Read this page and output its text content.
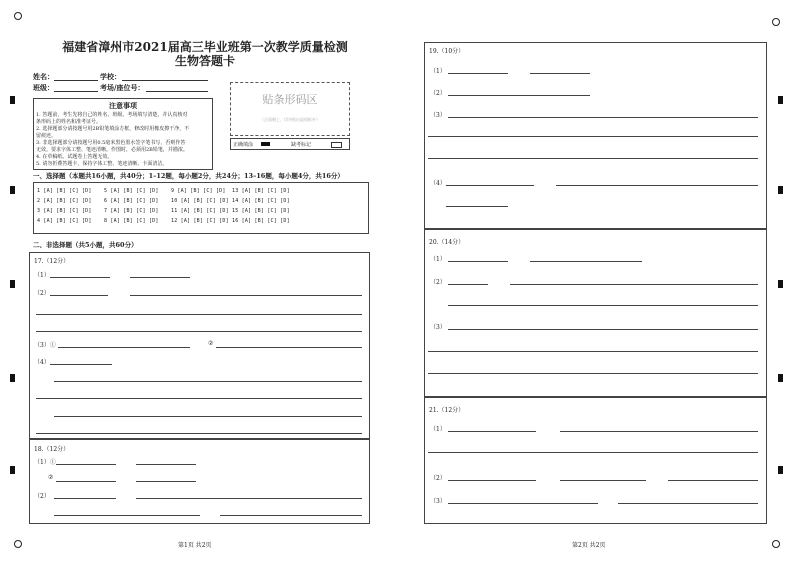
福建省漳州市2021届高三毕业班第一次教学质量检测
生物答题卡
姓名：	学校：
班级：	考场/座位号：
注意事项
1. 答题前，考生先将自己的姓名、班级、考场填写清楚，并认真核对
条形码上的姓名和准考证号。
2. 选择题部分请按题号用2B铅笔填涂方框，修改时用橡皮擦干净，不
留痕迹。
3. 非选择题部分请按题号用0.5毫米黑色墨水签字笔书写，否则作答
无效。要求字体工整、笔迹清晰。作图时，必须用2B铅笔，并描浓。
4. 在草稿纸、试题卷上答题无效。
5. 请勿折叠答题卡，保持字体工整、笔迹清晰、卡面清洁。
贴条形码区
（正面朝上，切勿贴出虚线框外）
正确填涂	缺考标记
一、选择题（本题共16小题，共40分；1–12题，每小题2分，共24分；13–16题，每小题4分，共16分）
1 [A] [B] [C] [D] 5 [A] [B] [C] [D] 9 [A] [B] [C] [D] 13 [A] [B] [C] [D]
2 [A] [B] [C] [D] 6 [A] [B] [C] [D] 10 [A] [B] [C] [D] 14 [A] [B] [C] [D]
3 [A] [B] [C] [D] 7 [A] [B] [C] [D] 11 [A] [B] [C] [D] 15 [A] [B] [C] [D]
4 [A] [B] [C] [D] 8 [A] [B] [C] [D] 12 [A] [B] [C] [D] 16 [A] [B] [C] [D]
二、非选择题（共5小题，共60分）
17.（12分）
（1）
（2）
（3）①	②
（4）
18.（12分）
（1）①
②
（2）
第1页 共2页
19.（10分）
（1）
（2）
（3）
（4）
20.（14分）
（1）
（2）
（3）
21.（12分）
（1）
（2）
（3）
第2页 共2页
